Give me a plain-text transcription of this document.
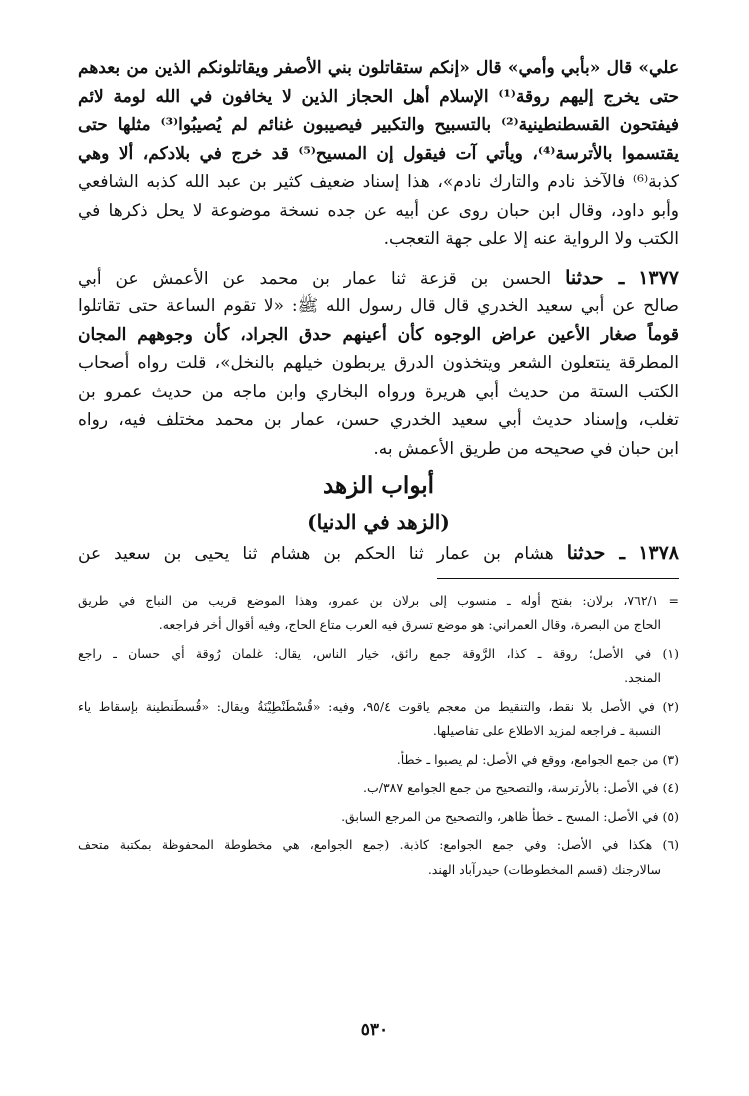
علي» قال «بأبي وأمي» قال «إنكم ستقاتلون بني الأصفر ويقاتلونكم الذين من بعدهم
حتى يخرج إليهم روقة⁽¹⁾ الإسلام أهل الحجاز الذين لا يخافون في الله لومة لائم
فيفتحون القسطنطينية⁽²⁾ بالتسبيح والتكبير فيصيبون غنائم لم يُصيبُوا⁽³⁾ مثلها حتى
يقتسموا بالأترسة⁽⁴⁾، ويأتي آت فيقول إن المسيح⁽⁵⁾ قد خرج في بلادكم، ألا وهي
كذبة⁽⁶⁾ فالآخذ نادم والتارك نادم»، هذا إسناد ضعيف كثير بن عبد الله كذبه الشافعي
وأبو داود، وقال ابن حبان روى عن أبيه عن جده نسخة موضوعة لا يحل ذكرها في
الكتب ولا الرواية عنه إلا على جهة التعجب.
١٣٧٧ ـ حدثنا الحسن بن قزعة ثنا عمار بن محمد عن الأعمش عن أبي
صالح عن أبي سعيد الخدري قال قال رسول الله ﷺ: «لا تقوم الساعة حتى تقاتلوا
قوماً صغار الأعين عراض الوجوه كأن أعينهم حدق الجراد، كأن وجوههم المجان
المطرقة ينتعلون الشعر ويتخذون الدرق يربطون خيلهم بالنخل»، قلت رواه أصحاب
الكتب الستة من حديث أبي هريرة ورواه البخاري وابن ماجه من حديث عمرو بن
تغلب، وإسناد حديث أبي سعيد الخدري حسن، عمار بن محمد مختلف فيه، رواه
ابن حبان في صحيحه من طريق الأعمش به.
أبواب الزهد
(الزهد في الدنيا)
١٣٧٨ ـ حدثنا هشام بن عمار ثنا الحكم بن هشام ثنا يحيى بن سعيد عن
= ٧٦٢/١، برلان: بفتح أوله ـ منسوب إلى برلان بن عمرو، وهذا الموضع قريب من النباج في طريق
الحاج من البصرة، وقال العمراني: هو موضع تسرق فيه العرب متاع الحاج، وفيه أقوال أخر فراجعه.
(١) في الأصل؛ روقة ـ كذا، الرَّوقة جمع رائق، خيار الناس، يقال: غلمان رُوقة أي حسان ـ راجع
المنجد.
(٢) في الأصل بلا نقط، والتنقيط من معجم ياقوت ٩٥/٤، وفيه: «قُسْطَنْطِيْنَةُ ويقال: «قُسطَنطينة بإسقاط ياء
النسبة ـ فراجعه لمزيد الاطلاع على تفاصيلها.
(٣) من جمع الجوامع، ووقع في الأصل: لم يصبوا ـ خطأ.
(٤) في الأصل: بالأرترسة، والتصحيح من جمع الجوامع ٣٨٧/ب.
(٥) في الأصل: المسح ـ خطأ ظاهر، والتصحيح من المرجع السابق.
(٦) هكذا في الأصل: وفي جمع الجوامع: كاذبة. (جمع الجوامع، هي مخطوطة المحفوظة بمكتبة متحف
سالارجنك (قسم المخطوطات) حيدرآباد الهند.
٥٣٠
